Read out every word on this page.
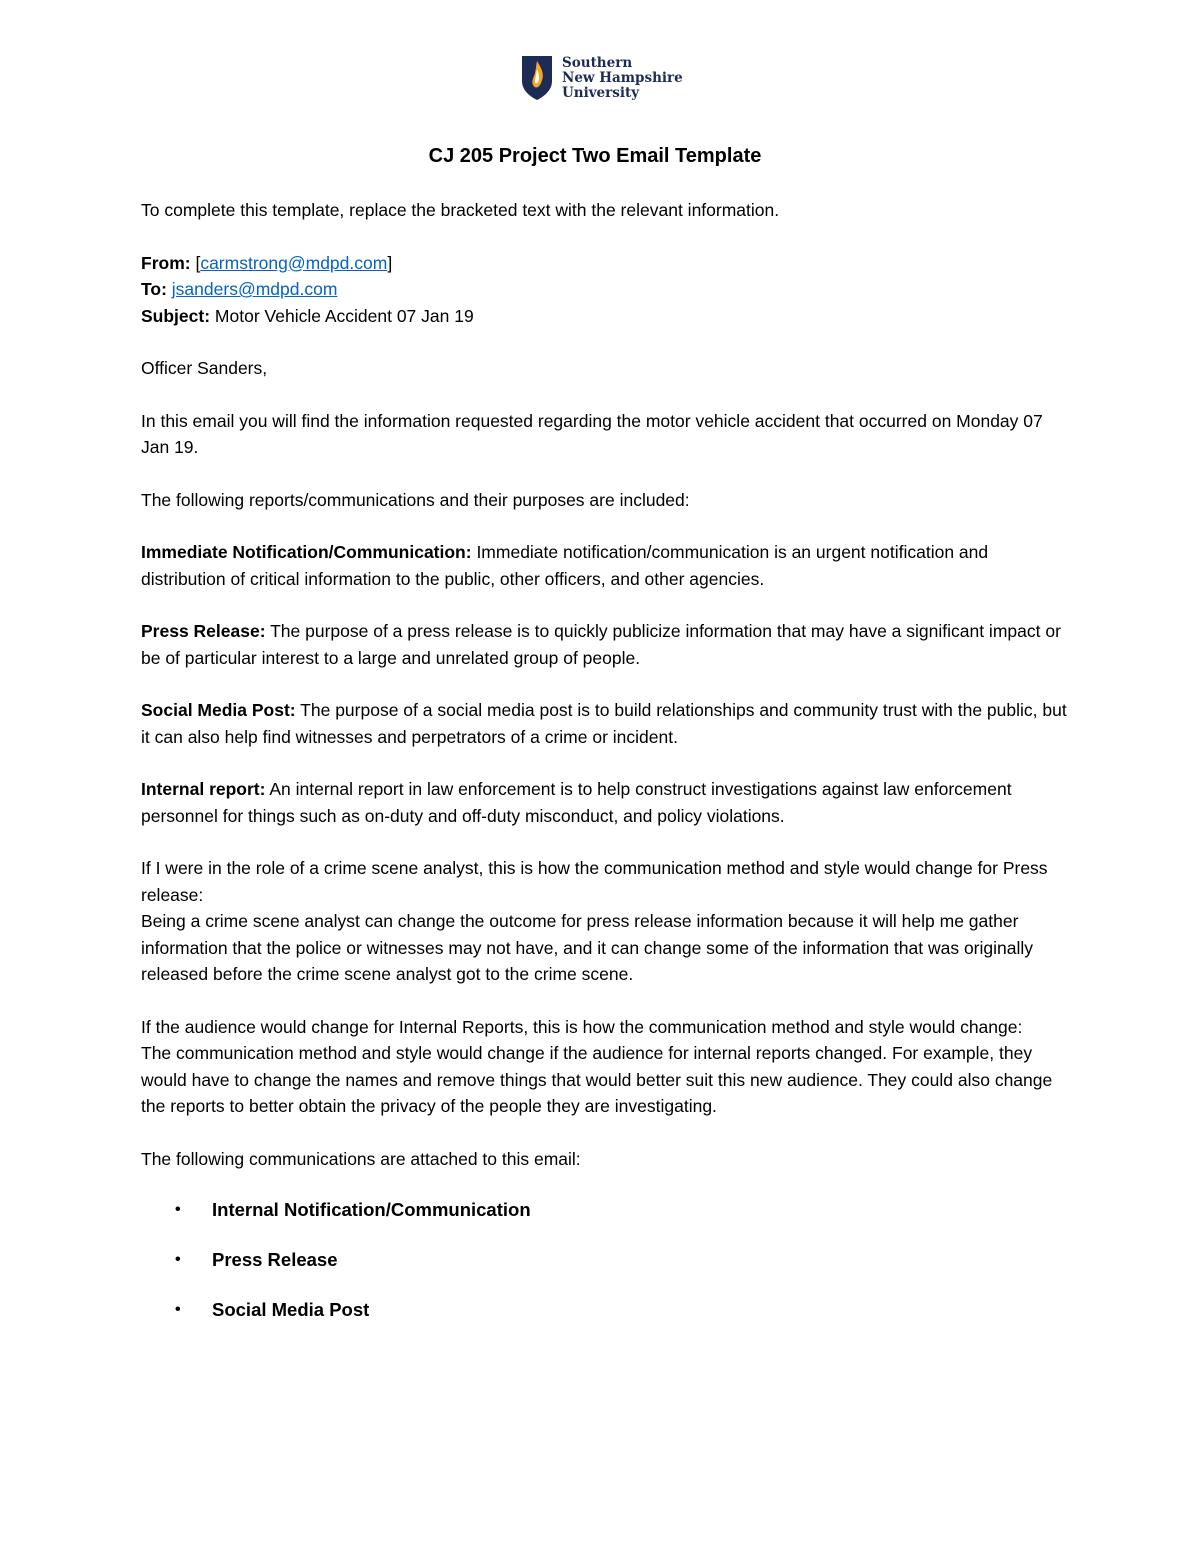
Southern
New Hampshire
University
CJ 205 Project Two Email Template

To complete this template, replace the bracketed text with the relevant information.

From: [carmstrong@mdpd.com]

To: jsanders@mdpd.com

Subject: Motor Vehicle Accident 07 Jan 19

Officer Sanders,

In this email you will find the information requested regarding the motor vehicle accident that occurred on Monday 07 Jan 19.

The following reports/communications and their purposes are included:

Immediate Notification/Communication: Immediate notification/communication is an urgent notification and distribution of critical information to the public, other officers, and other agencies.

Press Release: The purpose of a press release is to quickly publicize information that may have a significant impact or be of particular interest to a large and unrelated group of people.

Social Media Post: The purpose of a social media post is to build relationships and community trust with the public, but it can also help find witnesses and perpetrators of a crime or incident.

Internal report: An internal report in law enforcement is to help construct investigations against law enforcement personnel for things such as on-duty and off-duty misconduct, and policy violations.

If I were in the role of a crime scene analyst, this is how the communication method and style would change for Press release:

Being a crime scene analyst can change the outcome for press release information because it will help me gather information that the police or witnesses may not have, and it can change some of the information that was originally released before the crime scene analyst got to the crime scene.

If the audience would change for Internal Reports, this is how the communication method and style would change:

The communication method and style would change if the audience for internal reports changed. For example, they would have to change the names and remove things that would better suit this new audience. They could also change the reports to better obtain the privacy of the people they are investigating.

The following communications are attached to this email:

• Internal Notification/Communication
• Press Release
• Social Media Post
